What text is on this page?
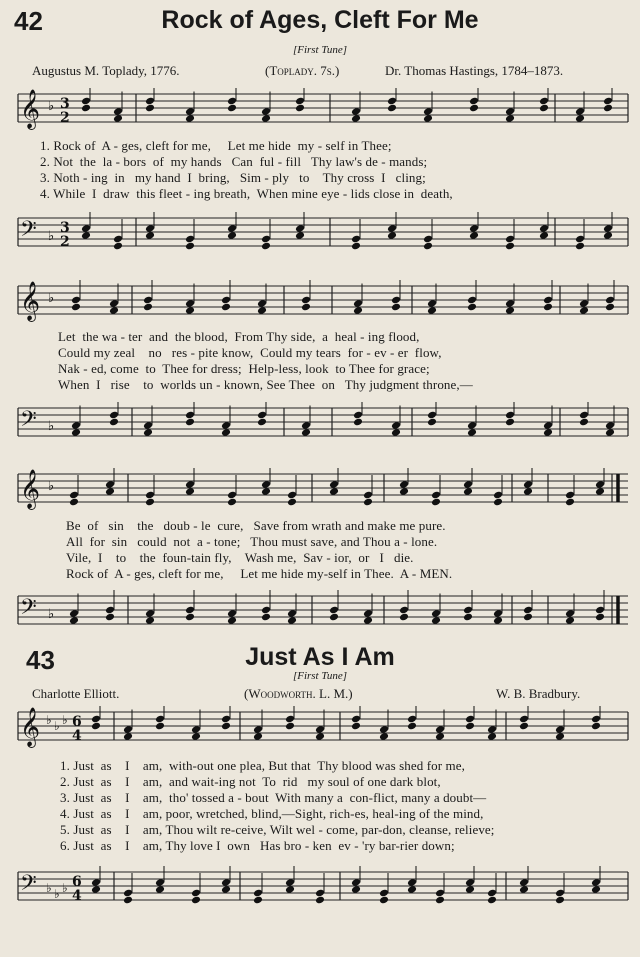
42	Rock of Ages, Cleft For Me
[First Tune]
Augustus M. Toplady, 1776.	(Toplady. 7s.)	Dr. Thomas Hastings, 1784–1873.
𝄞 ♭ 3
2
1. Rock of  A - ges, cleft for me,     Let me hide  my - self in Thee;
2. Not  the  la - bors  of  my hands   Can  ful - fill   Thy law's de - mands;
3. Noth - ing  in   my hand  I  bring,   Sim - ply   to    Thy cross  I   cling;
4. While  I  draw  this fleet - ing breath,  When mine eye - lids close in  death,
𝄢 ♭
3
2
𝄞 ♭
Let  the wa - ter  and  the blood,  From Thy side,  a  heal - ing flood,
Could my zeal    no   res - pite know,  Could my tears  for - ev - er  flow,
Nak - ed, come  to  Thee for dress;  Help-less, look  to Thee for grace;
When  I   rise    to  worlds un - known, See Thee  on   Thy judgment throne,—
𝄢 ♭
𝄞 ♭
Be  of   sin    the   doub - le  cure,   Save from wrath and make me pure.
All  for  sin   could  not  a - tone;   Thou must save, and Thou a - lone.
Vile,  I    to    the  foun-tain fly,    Wash me,  Sav - ior,  or   I   die.
Rock of  A - ges, cleft for me,     Let me hide my-self in Thee.  A - MEN.
𝄢 ♭
43	Just As I Am
[First Tune]
Charlotte Elliott.	(Woodworth. L. M.)	W. B. Bradbury.
𝄞 ♭ ♭ ♭ 6
4
1. Just  as    I    am,  with-out one plea, But that  Thy blood was shed for me,
2. Just  as    I    am,  and wait-ing not  To  rid   my soul of one dark blot,
3. Just  as    I    am,  tho' tossed a - bout  With many a  con-flict, many a doubt—
4. Just  as    I    am, poor, wretched, blind,—Sight, rich-es, heal-ing of the mind,
5. Just  as    I    am, Thou wilt re-ceive, Wilt wel - come, par-don, cleanse, relieve;
6. Just  as    I    am, Thy love I  own   Has bro - ken  ev - 'ry bar-rier down;
𝄢 ♭ ♭ ♭ 6
4
